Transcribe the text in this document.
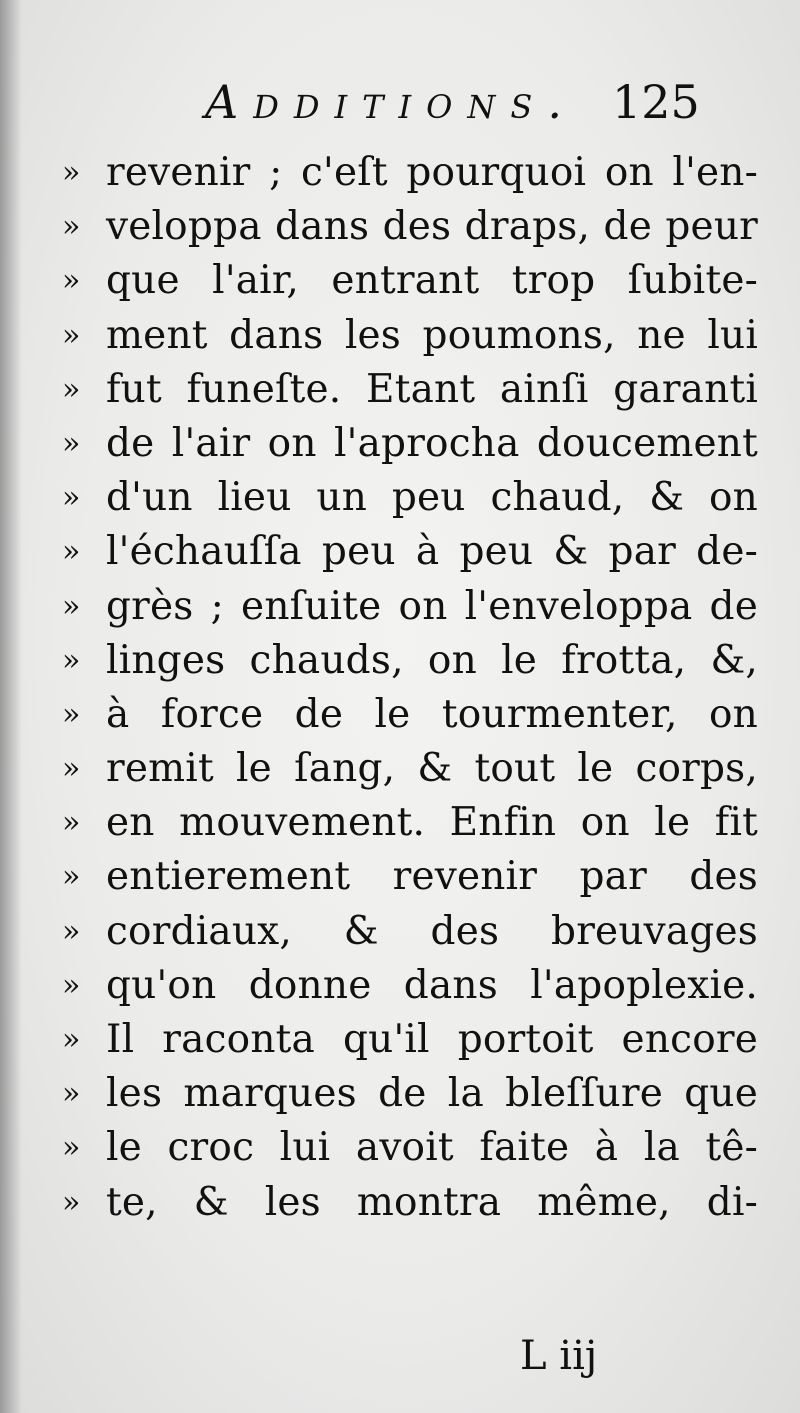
Additions. 125
» revenir ; c'eſt pourquoi on l'en-
» veloppa dans des draps, de peur
» que l'air, entrant trop ſubite-
» ment dans les poumons, ne lui
» fut funeſte. Etant ainſi garanti
» de l'air on l'aprocha doucement
» d'un lieu un peu chaud, & on
» l'échauſſa peu à peu & par de-
» grès ; enſuite on l'enveloppa de
» linges chauds, on le frotta, &,
» à force de le tourmenter, on
» remit le ſang, & tout le corps,
» en mouvement. Enfin on le fit
» entierement revenir par des
» cordiaux, & des breuvages
» qu'on donne dans l'apoplexie.
» Il raconta qu'il portoit encore
» les marques de la bleſſure que
» le croc lui avoit faite à la tê-
» te, & les montra même, di-
L iij
